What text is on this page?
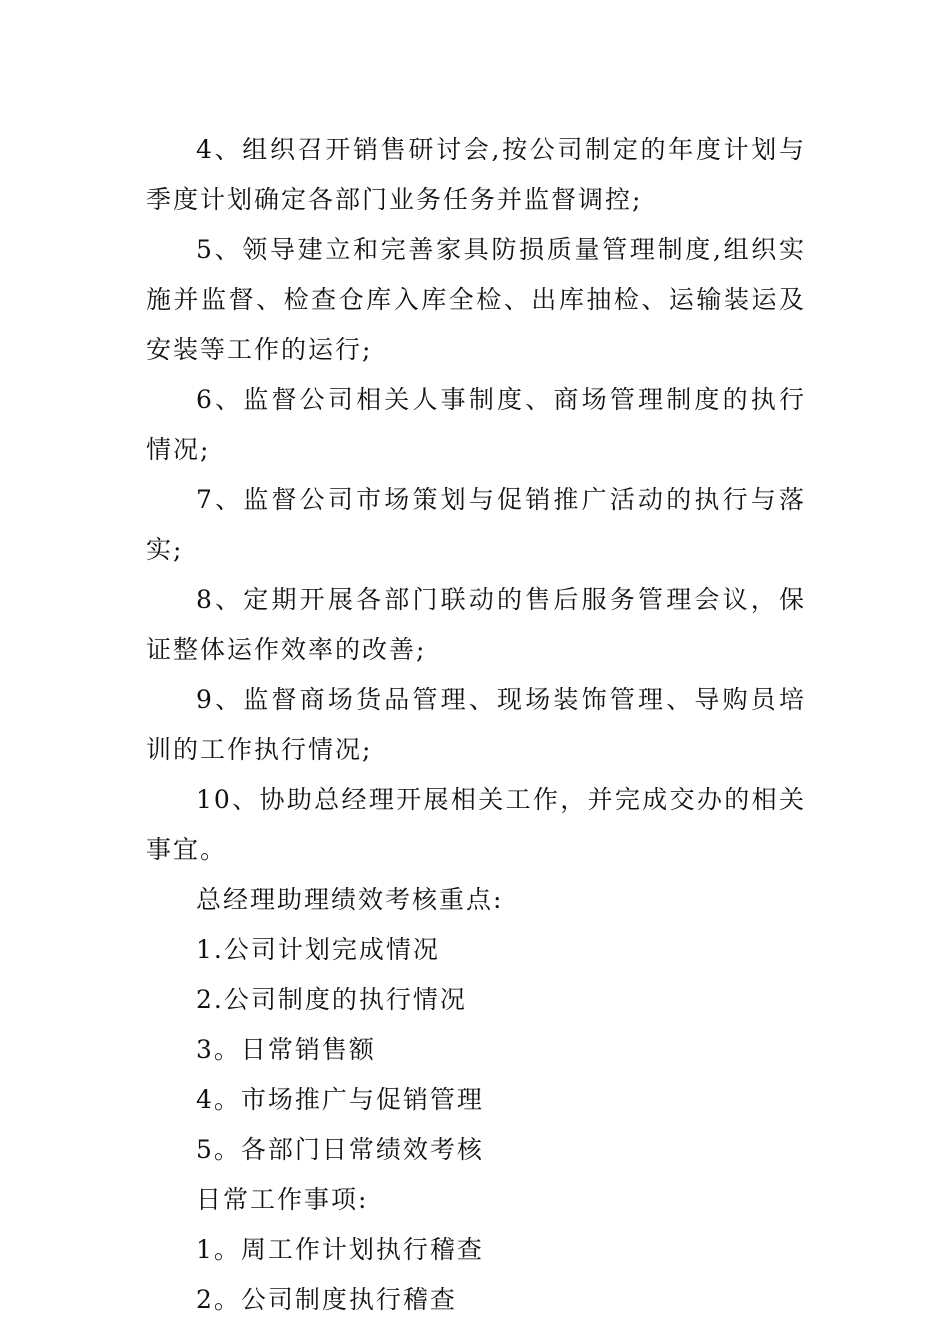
4、组织召开销售研讨会,按公司制定的年度计划与季度计划确定各部门业务任务并监督调控;

5、领导建立和完善家具防损质量管理制度,组织实施并监督、检查仓库入库全检、出库抽检、运输装运及安装等工作的运行;

6、监督公司相关人事制度、商场管理制度的执行情况;

7、监督公司市场策划与促销推广活动的执行与落实;

8、定期开展各部门联动的售后服务管理会议，保证整体运作效率的改善;

9、监督商场货品管理、现场装饰管理、导购员培训的工作执行情况;

10、协助总经理开展相关工作，并完成交办的相关事宜。

总经理助理绩效考核重点:

1.公司计划完成情况

2.公司制度的执行情况

3。日常销售额

4。市场推广与促销管理

5。各部门日常绩效考核

日常工作事项:

1。周工作计划执行稽查

2。公司制度执行稽查
